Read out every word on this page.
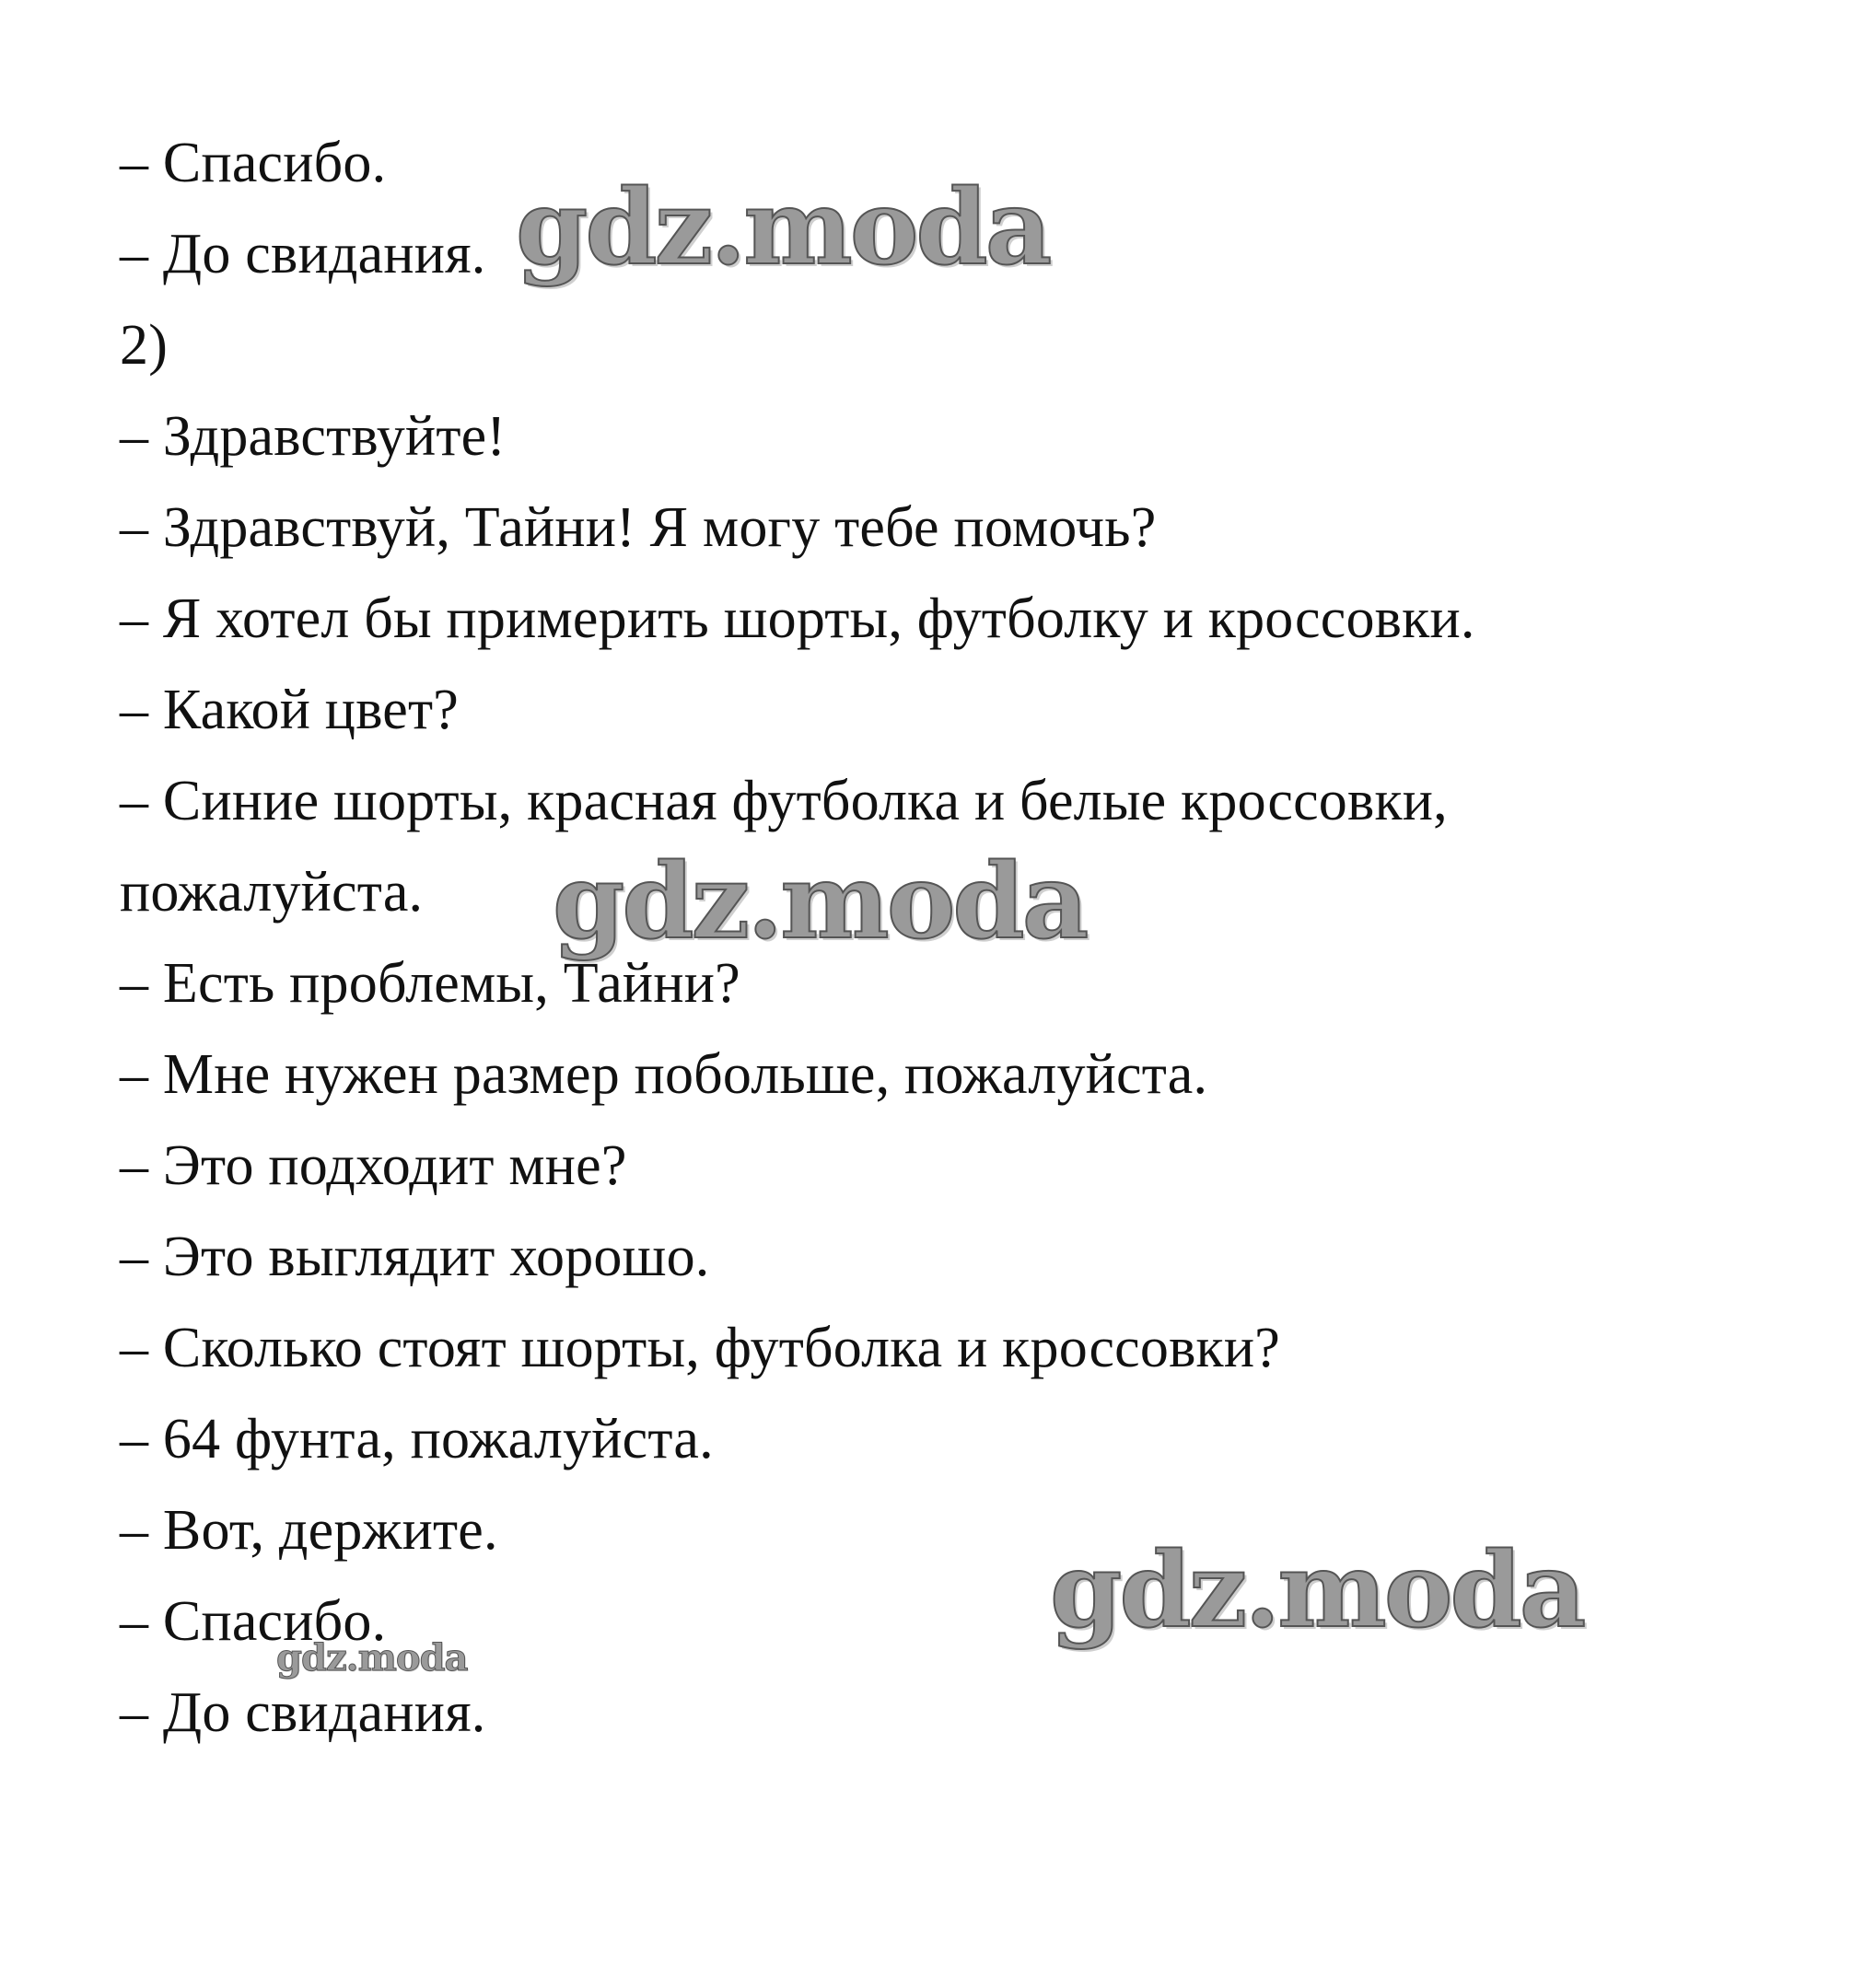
– Спасибо.
– До свидания.
2)
– Здравствуйте!
– Здравствуй, Тайни! Я могу тебе помочь?
– Я хотел бы примерить шорты, футболку и кроссовки.
– Какой цвет?
– Синие шорты, красная футболка и белые кроссовки,
пожалуйста.
– Есть проблемы, Тайни?
– Мне нужен размер побольше, пожалуйста.
– Это подходит мне?
– Это выглядит хорошо.
– Сколько стоят шорты, футболка и кроссовки?
– 64 фунта, пожалуйста.
– Вот, держите.
– Спасибо.
– До свидания.
gdz.moda
gdz.moda
gdz.moda
gdz.moda
